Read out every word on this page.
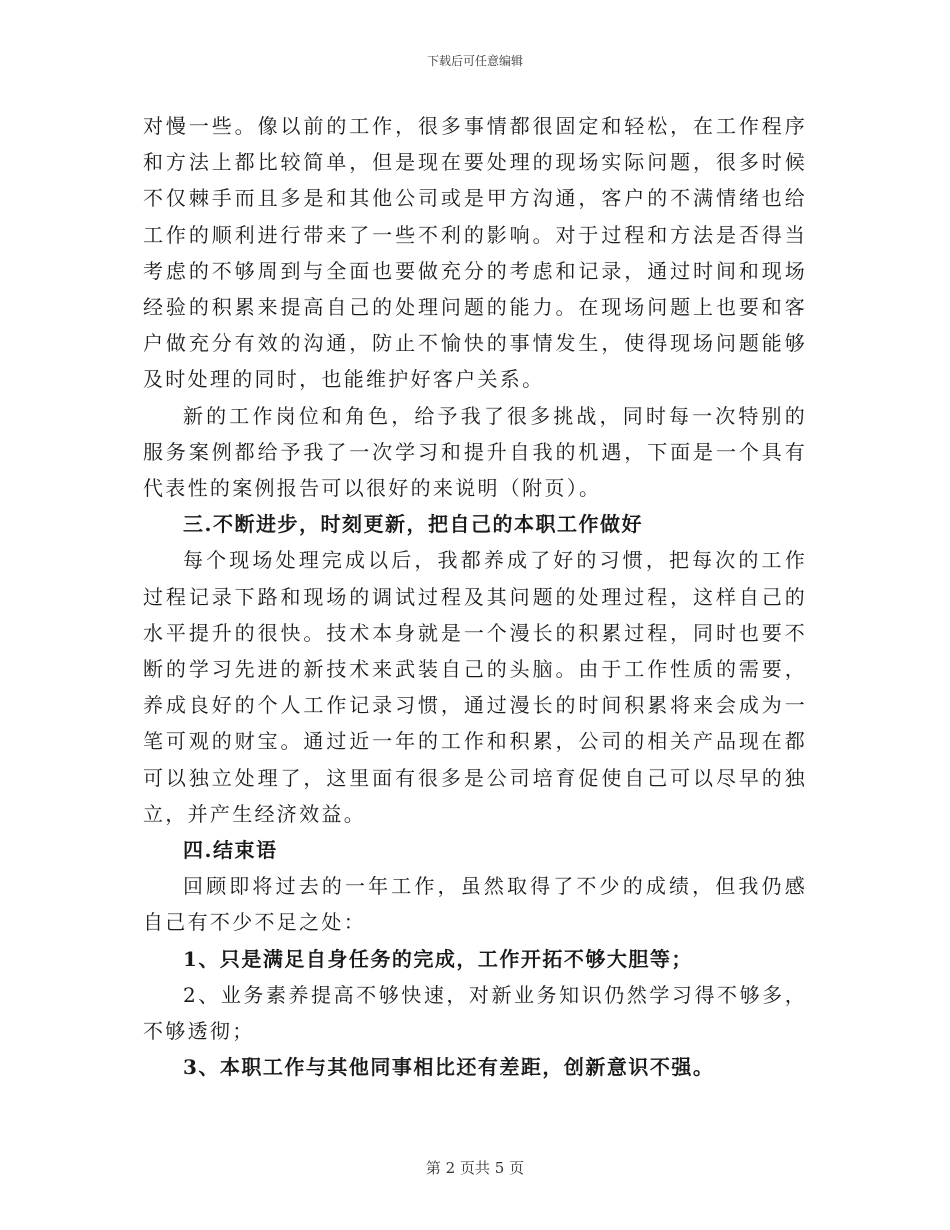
下载后可任意编辑

对慢一些。像以前的工作，很多事情都很固定和轻松，在工作程序和方法上都比较简单，但是现在要处理的现场实际问题，很多时候不仅棘手而且多是和其他公司或是甲方沟通，客户的不满情绪也给工作的顺利进行带来了一些不利的影响。对于过程和方法是否得当考虑的不够周到与全面也要做充分的考虑和记录，通过时间和现场经验的积累来提高自己的处理问题的能力。在现场问题上也要和客户做充分有效的沟通，防止不愉快的事情发生，使得现场问题能够及时处理的同时，也能维护好客户关系。

新的工作岗位和角色，给予我了很多挑战，同时每一次特别的服务案例都给予我了一次学习和提升自我的机遇，下面是一个具有代表性的案例报告可以很好的来说明（附页）。

三.不断进步，时刻更新，把自己的本职工作做好

每个现场处理完成以后，我都养成了好的习惯，把每次的工作过程记录下路和现场的调试过程及其问题的处理过程，这样自己的水平提升的很快。技术本身就是一个漫长的积累过程，同时也要不断的学习先进的新技术来武装自己的头脑。由于工作性质的需要，养成良好的个人工作记录习惯，通过漫长的时间积累将来会成为一笔可观的财宝。通过近一年的工作和积累，公司的相关产品现在都可以独立处理了，这里面有很多是公司培育促使自己可以尽早的独立，并产生经济效益。

四.结束语

回顾即将过去的一年工作，虽然取得了不少的成绩，但我仍感自己有不少不足之处：

1、只是满足自身任务的完成，工作开拓不够大胆等；

2、业务素养提高不够快速，对新业务知识仍然学习得不够多，不够透彻；

3、本职工作与其他同事相比还有差距，创新意识不强。

第 2 页共 5 页
